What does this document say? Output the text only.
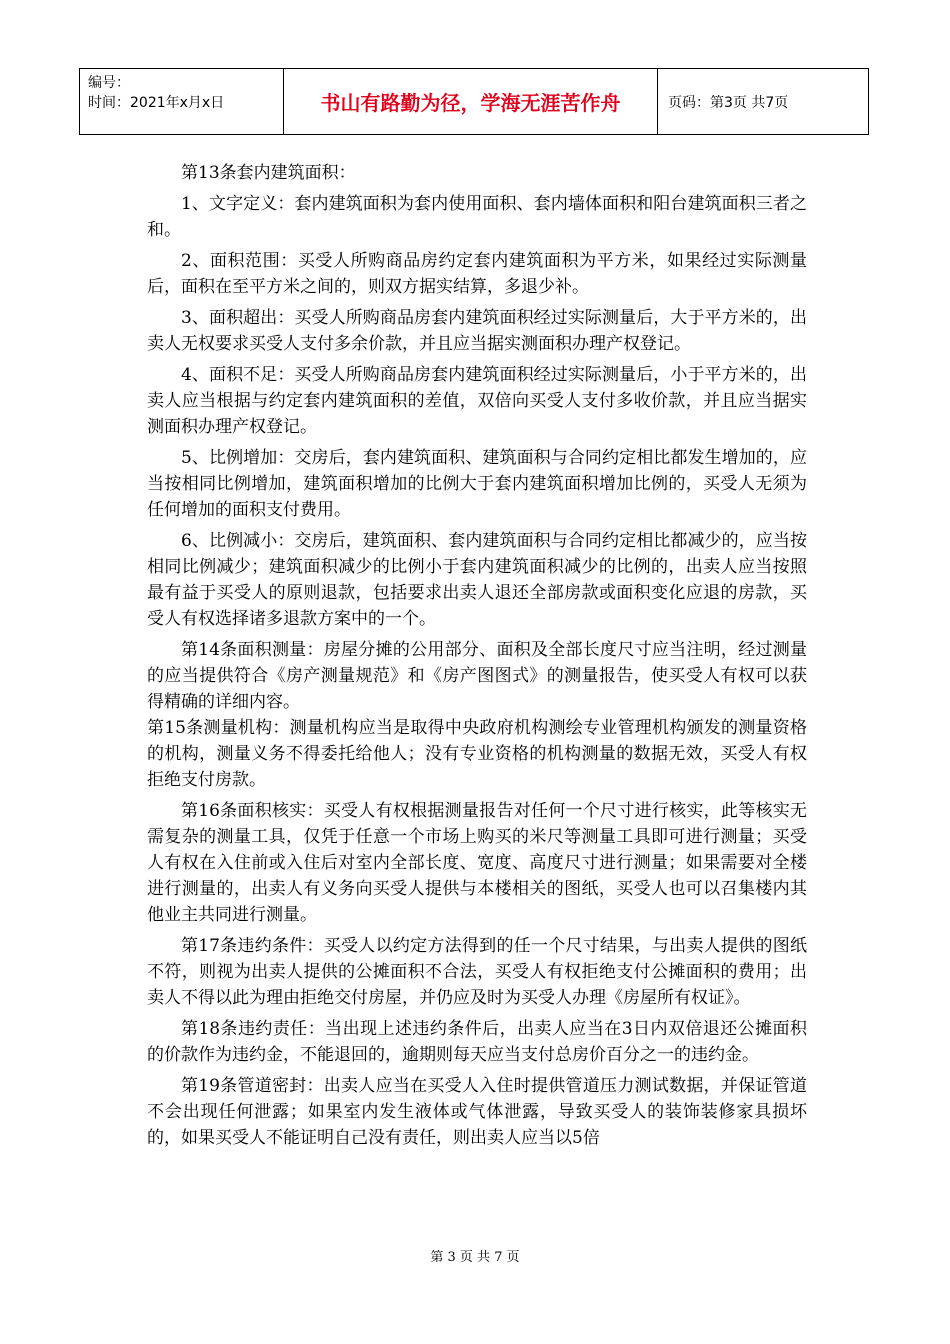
编号：
时间：2021年x月x日	书山有路勤为径，学海无涯苦作舟	页码：第3页 共7页

第13条套内建筑面积：

1、文字定义：套内建筑面积为套内使用面积、套内墙体面积和阳台建筑面积三者之和。

2、面积范围：买受人所购商品房约定套内建筑面积为平方米，如果经过实际测量后，面积在至平方米之间的，则双方据实结算，多退少补。

3、面积超出：买受人所购商品房套内建筑面积经过实际测量后，大于平方米的，出卖人无权要求买受人支付多余价款，并且应当据实测面积办理产权登记。

4、面积不足：买受人所购商品房套内建筑面积经过实际测量后，小于平方米的，出卖人应当根据与约定套内建筑面积的差值，双倍向买受人支付多收价款，并且应当据实测面积办理产权登记。

5、比例增加：交房后，套内建筑面积、建筑面积与合同约定相比都发生增加的，应当按相同比例增加，建筑面积增加的比例大于套内建筑面积增加比例的，买受人无须为任何增加的面积支付费用。

6、比例减小：交房后，建筑面积、套内建筑面积与合同约定相比都减少的，应当按相同比例减少；建筑面积减少的比例小于套内建筑面积减少的比例的，出卖人应当按照最有益于买受人的原则退款，包括要求出卖人退还全部房款或面积变化应退的房款，买受人有权选择诸多退款方案中的一个。

第14条面积测量：房屋分摊的公用部分、面积及全部长度尺寸应当注明，经过测量的应当提供符合《房产测量规范》和《房产图图式》的测量报告，使买受人有权可以获得精确的详细内容。

第15条测量机构：测量机构应当是取得中央政府机构测绘专业管理机构颁发的测量资格的机构，测量义务不得委托给他人；没有专业资格的机构测量的数据无效，买受人有权拒绝支付房款。

第16条面积核实：买受人有权根据测量报告对任何一个尺寸进行核实，此等核实无需复杂的测量工具，仅凭于任意一个市场上购买的米尺等测量工具即可进行测量；买受人有权在入住前或入住后对室内全部长度、宽度、高度尺寸进行测量；如果需要对全楼进行测量的，出卖人有义务向买受人提供与本楼相关的图纸，买受人也可以召集楼内其他业主共同进行测量。

第17条违约条件：买受人以约定方法得到的任一个尺寸结果，与出卖人提供的图纸不符，则视为出卖人提供的公摊面积不合法，买受人有权拒绝支付公摊面积的费用；出卖人不得以此为理由拒绝交付房屋，并仍应及时为买受人办理《房屋所有权证》。

第18条违约责任：当出现上述违约条件后，出卖人应当在3日内双倍退还公摊面积的价款作为违约金，不能退回的，逾期则每天应当支付总房价百分之一的违约金。

第19条管道密封：出卖人应当在买受人入住时提供管道压力测试数据，并保证管道不会出现任何泄露；如果室内发生液体或气体泄露，导致买受人的装饰装修家具损坏的，如果买受人不能证明自己没有责任，则出卖人应当以5倍

第 3 页 共 7 页
